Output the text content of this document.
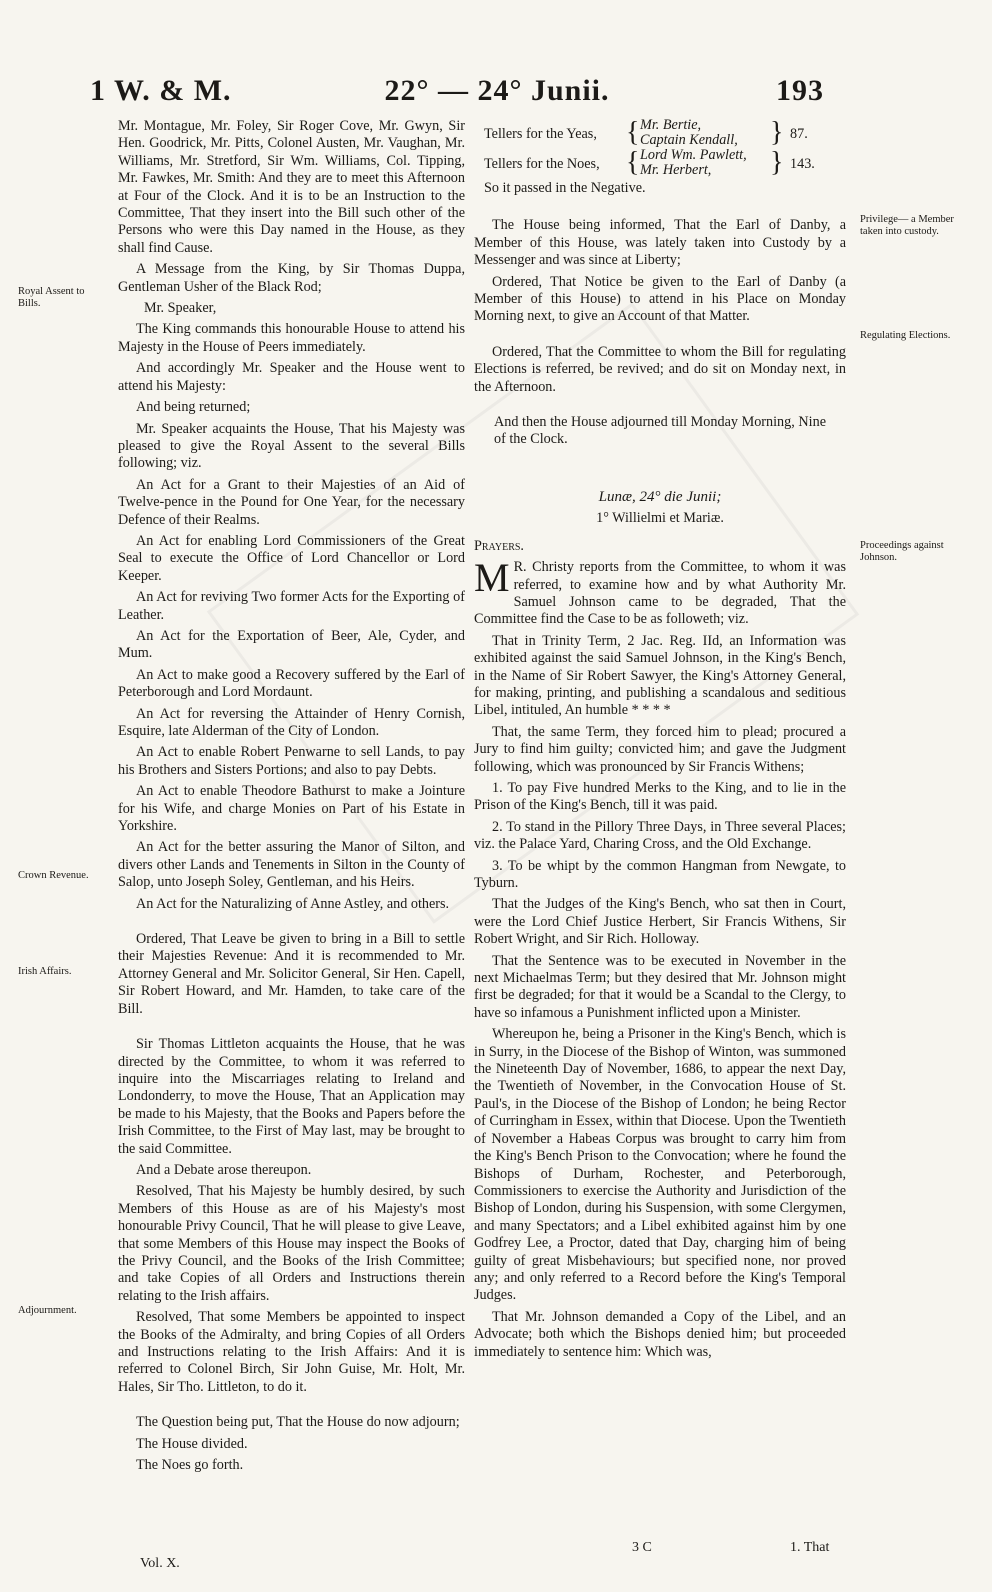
1 W. & M.	22° — 24° Junii.	193
Royal Assent to Bills.
Crown Revenue.
Irish Affairs.
Adjournment.
Privilege— a Member taken into custody.
Regulating Elections.
Proceedings against Johnson.

Mr. Montague, Mr. Foley, Sir Roger Cove, Mr. Gwyn, Sir Hen. Goodrick, Mr. Pitts, Colonel Austen, Mr. Vaughan, Mr. Williams, Mr. Stretford, Sir Wm. Williams, Col. Tipping, Mr. Fawkes, Mr. Smith: And they are to meet this Afternoon at Four of the Clock. And it is to be an Instruction to the Committee, That they insert into the Bill such other of the Persons who were this Day named in the House, as they shall find Cause.

A Message from the King, by Sir Thomas Duppa, Gentleman Usher of the Black Rod;

Mr. Speaker,

The King commands this honourable House to attend his Majesty in the House of Peers immediately.

And accordingly Mr. Speaker and the House went to attend his Majesty:

And being returned;

Mr. Speaker acquaints the House, That his Majesty was pleased to give the Royal Assent to the several Bills following; viz.

An Act for a Grant to their Majesties of an Aid of Twelve-pence in the Pound for One Year, for the necessary Defence of their Realms.

An Act for enabling Lord Commissioners of the Great Seal to execute the Office of Lord Chancellor or Lord Keeper.

An Act for reviving Two former Acts for the Exporting of Leather.

An Act for the Exportation of Beer, Ale, Cyder, and Mum.

An Act to make good a Recovery suffered by the Earl of Peterborough and Lord Mordaunt.

An Act for reversing the Attainder of Henry Cornish, Esquire, late Alderman of the City of London.

An Act to enable Robert Penwarne to sell Lands, to pay his Brothers and Sisters Portions; and also to pay Debts.

An Act to enable Theodore Bathurst to make a Jointure for his Wife, and charge Monies on Part of his Estate in Yorkshire.

An Act for the better assuring the Manor of Silton, and divers other Lands and Tenements in Silton in the County of Salop, unto Joseph Soley, Gentleman, and his Heirs.

An Act for the Naturalizing of Anne Astley, and others.

Ordered, That Leave be given to bring in a Bill to settle their Majesties Revenue: And it is recommended to Mr. Attorney General and Mr. Solicitor General, Sir Hen. Capell, Sir Robert Howard, and Mr. Hamden, to take care of the Bill.

Sir Thomas Littleton acquaints the House, that he was directed by the Committee, to whom it was referred to inquire into the Miscarriages relating to Ireland and Londonderry, to move the House, That an Application may be made to his Majesty, that the Books and Papers before the Irish Committee, to the First of May last, may be brought to the said Committee.

And a Debate arose thereupon.

Resolved, That his Majesty be humbly desired, by such Members of this House as are of his Majesty's most honourable Privy Council, That he will please to give Leave, that some Members of this House may inspect the Books of the Privy Council, and the Books of the Irish Committee; and take Copies of all Orders and Instructions therein relating to the Irish affairs.

Resolved, That some Members be appointed to inspect the Books of the Admiralty, and bring Copies of all Orders and Instructions relating to the Irish Affairs: And it is referred to Colonel Birch, Sir John Guise, Mr. Holt, Mr. Hales, Sir Tho. Littleton, to do it.

The Question being put, That the House do now adjourn;

The House divided.

The Noes go forth.

Tellers for the Yeas, { Mr. Bertie,
Captain Kendall, } 87.
Tellers for the Noes, { Lord Wm. Pawlett,
Mr. Herbert,	} 143.

So it passed in the Negative.

The House being informed, That the Earl of Danby, a Member of this House, was lately taken into Custody by a Messenger and was since at Liberty;

Ordered, That Notice be given to the Earl of Danby (a Member of this House) to attend in his Place on Monday Morning next, to give an Account of that Matter.

Ordered, That the Committee to whom the Bill for regulating Elections is referred, be revived; and do sit on Monday next, in the Afternoon.

And then the House adjourned till Monday Morning, Nine of the Clock.

Lunæ, 24° die Junii;

1° Willielmi et Mariæ.

Prayers.

M R. Christy reports from the Committee, to whom it was referred, to examine how and by what Authority Mr. Samuel Johnson came to be degraded, That the Committee find the Case to be as followeth; viz.

That in Trinity Term, 2 Jac. Reg. IId, an Information was exhibited against the said Samuel Johnson, in the King's Bench, in the Name of Sir Robert Sawyer, the King's Attorney General, for making, printing, and publishing a scandalous and seditious Libel, intituled, An humble * * * *

That, the same Term, they forced him to plead; procured a Jury to find him guilty; convicted him; and gave the Judgment following, which was pronounced by Sir Francis Withens;

1. To pay Five hundred Merks to the King, and to lie in the Prison of the King's Bench, till it was paid.

2. To stand in the Pillory Three Days, in Three several Places; viz. the Palace Yard, Charing Cross, and the Old Exchange.

3. To be whipt by the common Hangman from Newgate, to Tyburn.

That the Judges of the King's Bench, who sat then in Court, were the Lord Chief Justice Herbert, Sir Francis Withens, Sir Robert Wright, and Sir Rich. Holloway.

That the Sentence was to be executed in November in the next Michaelmas Term; but they desired that Mr. Johnson might first be degraded; for that it would be a Scandal to the Clergy, to have so infamous a Punishment inflicted upon a Minister.

Whereupon he, being a Prisoner in the King's Bench, which is in Surry, in the Diocese of the Bishop of Winton, was summoned the Nineteenth Day of November, 1686, to appear the next Day, the Twentieth of November, in the Convocation House of St. Paul's, in the Diocese of the Bishop of London; he being Rector of Curringham in Essex, within that Diocese. Upon the Twentieth of November a Habeas Corpus was brought to carry him from the King's Bench Prison to the Convocation; where he found the Bishops of Durham, Rochester, and Peterborough, Commissioners to exercise the Authority and Jurisdiction of the Bishop of London, during his Suspension, with some Clergymen, and many Spectators; and a Libel exhibited against him by one Godfrey Lee, a Proctor, dated that Day, charging him of being guilty of great Misbehaviours; but specified none, nor proved any; and only referred to a Record before the King's Temporal Judges.

That Mr. Johnson demanded a Copy of the Libel, and an Advocate; both which the Bishops denied him; but proceeded immediately to sentence him: Which was,

Vol. X.
3 C	1. That
